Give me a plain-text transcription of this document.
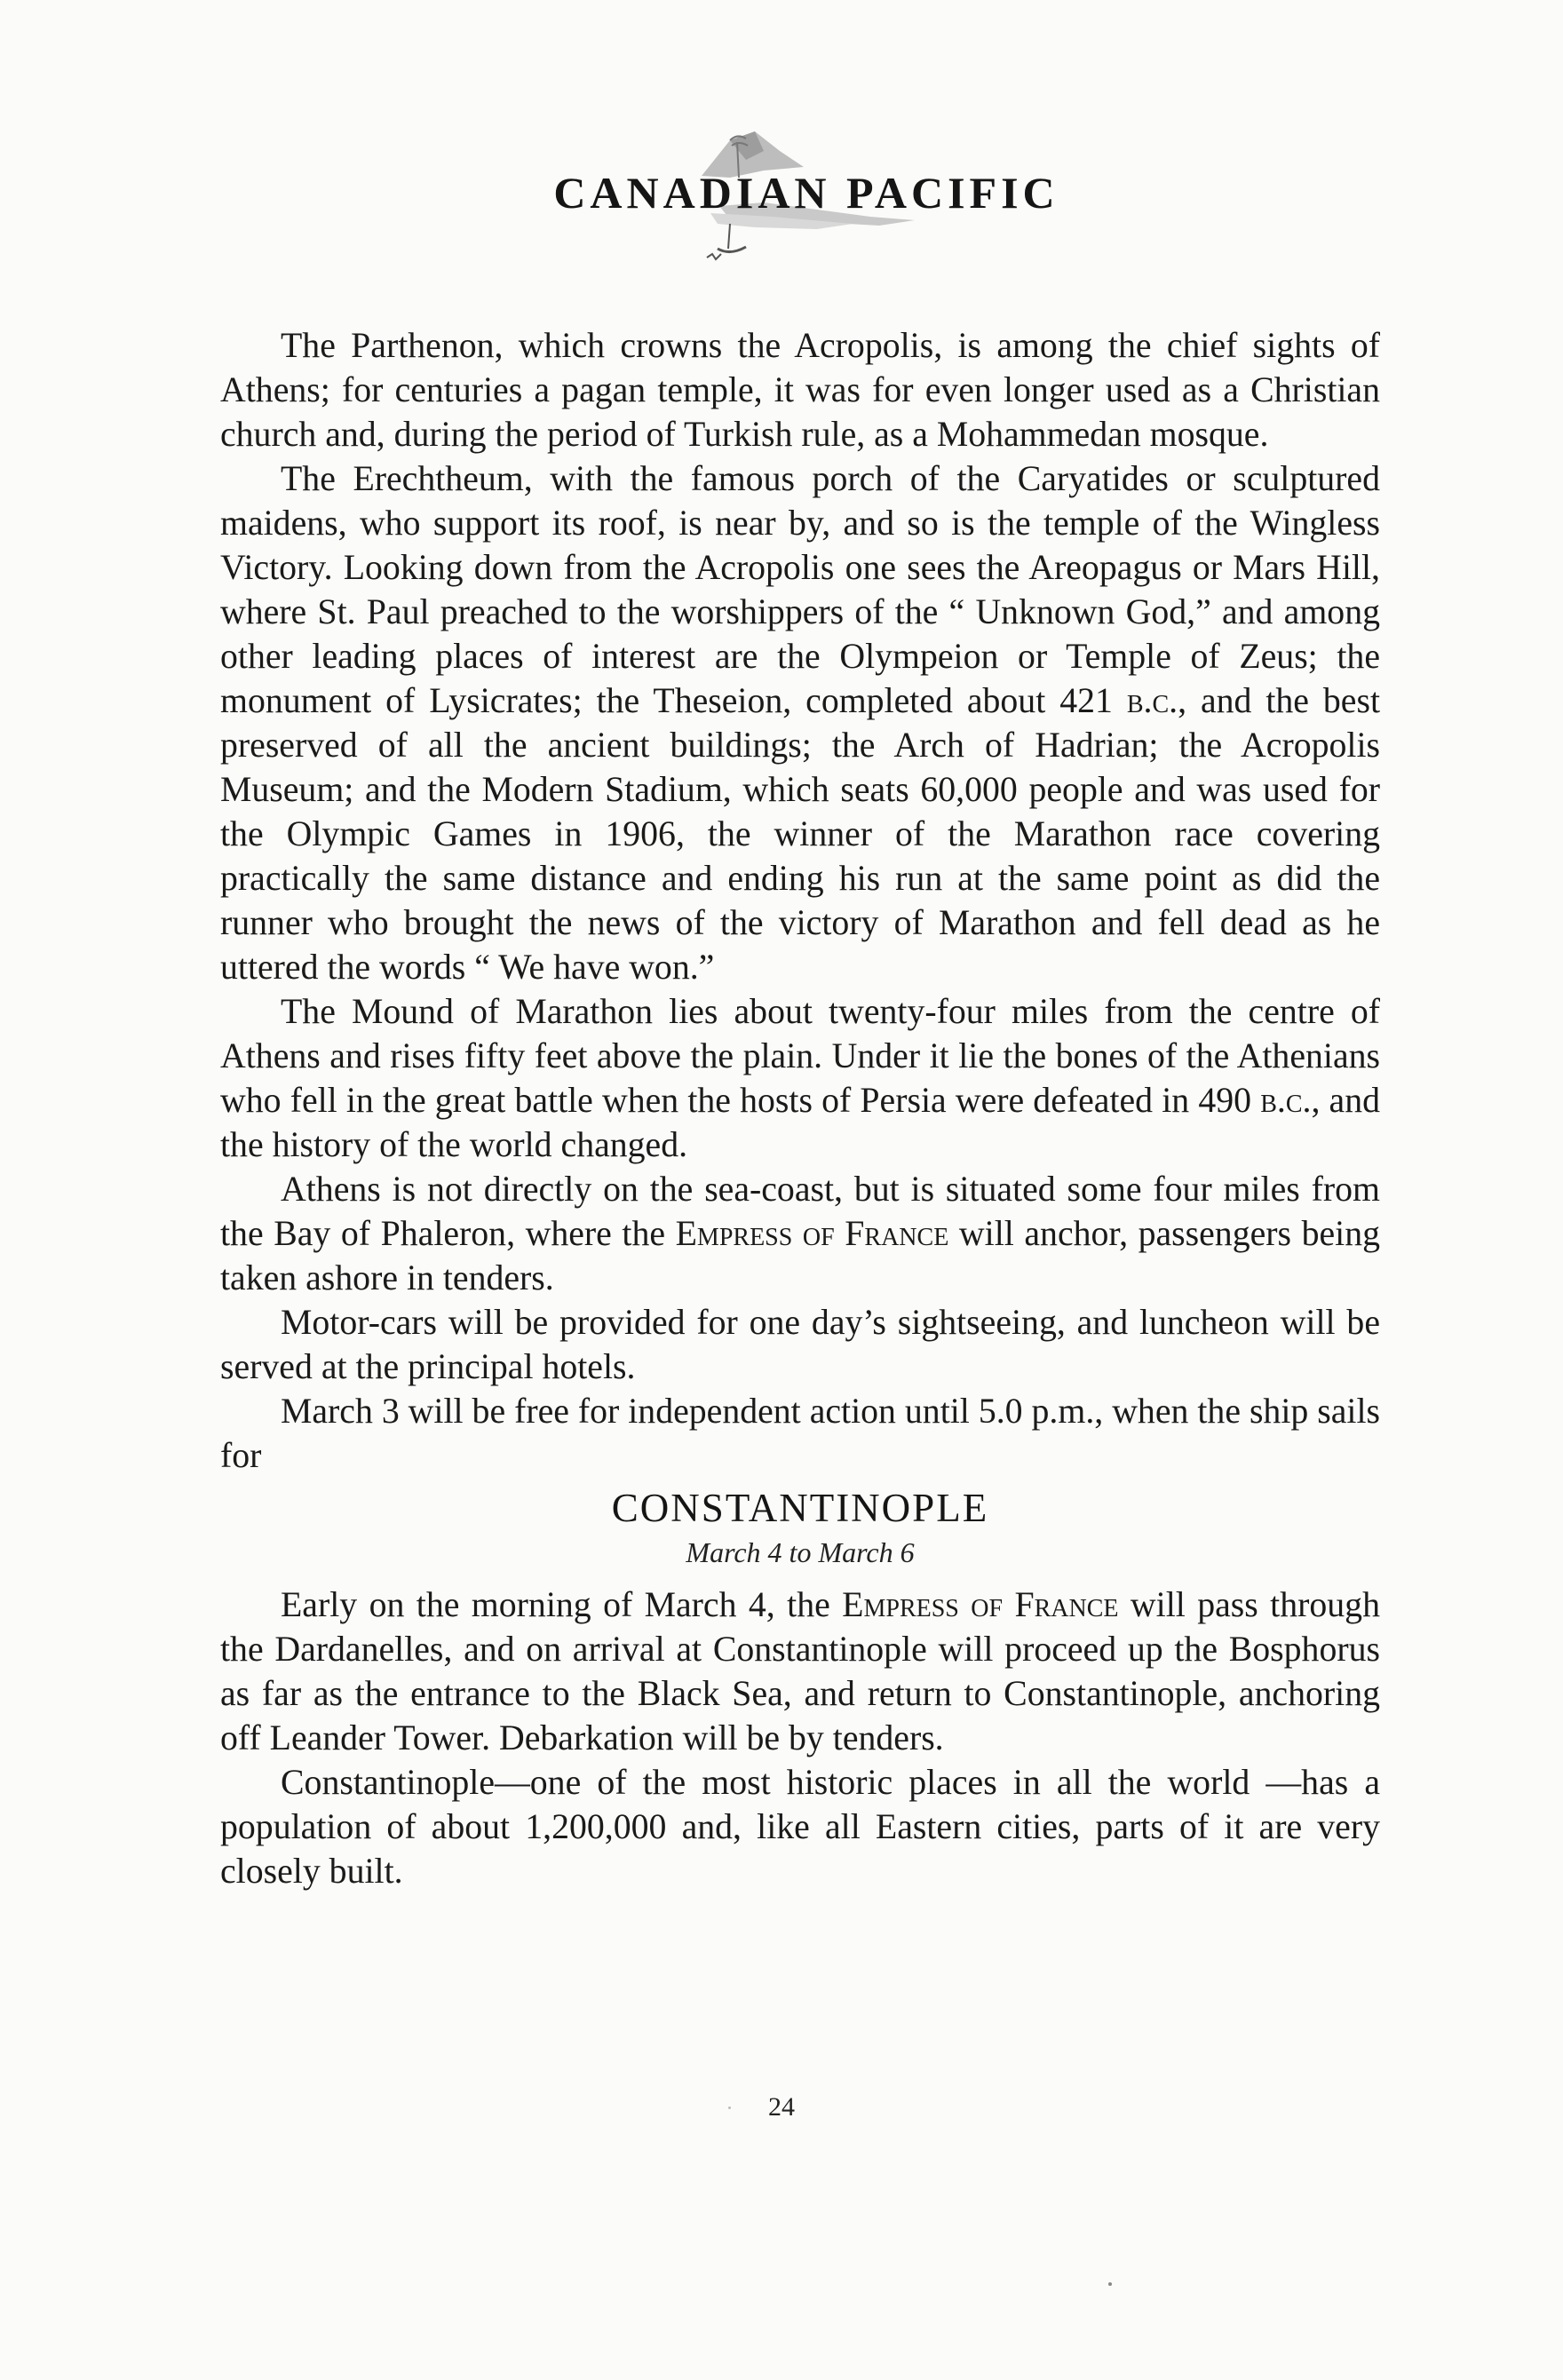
CANADIAN PACIFIC

The Parthenon, which crowns the Acropolis, is among the chief sights of Athens; for centuries a pagan temple, it was for even longer used as a Christian church and, during the period of Turkish rule, as a Mohammedan mosque.

The Erechtheum, with the famous porch of the Caryatides or sculptured maidens, who support its roof, is near by, and so is the temple of the Wingless Victory. Looking down from the Acropolis one sees the Areopagus or Mars Hill, where St. Paul preached to the worshippers of the “ Unknown God,” and among other leading places of interest are the Olympeion or Temple of Zeus; the monument of Lysicrates; the Theseion, completed about 421 b.c., and the best preserved of all the ancient buildings; the Arch of Hadrian; the Acropolis Museum; and the Modern Stadium, which seats 60,000 people and was used for the Olympic Games in 1906, the winner of the Marathon race covering practically the same distance and ending his run at the same point as did the runner who brought the news of the victory of Marathon and fell dead as he uttered the words “ We have won.”

The Mound of Marathon lies about twenty-four miles from the centre of Athens and rises fifty feet above the plain. Under it lie the bones of the Athenians who fell in the great battle when the hosts of Persia were defeated in 490 b.c., and the history of the world changed.

Athens is not directly on the sea-coast, but is situated some four miles from the Bay of Phaleron, where the Empress of France will anchor, passengers being taken ashore in tenders.

Motor-cars will be provided for one day’s sightseeing, and luncheon will be served at the principal hotels.

March 3 will be free for independent action until 5.0 p.m., when the ship sails for

CONSTANTINOPLE
March 4 to March 6

Early on the morning of March 4, the Empress of France will pass through the Dardanelles, and on arrival at Constantinople will proceed up the Bosphorus as far as the entrance to the Black Sea, and return to Constantinople, anchoring off Leander Tower. Debarkation will be by tenders.

Constantinople—one of the most historic places in all the world —has a population of about 1,200,000 and, like all Eastern cities, parts of it are very closely built.

24
